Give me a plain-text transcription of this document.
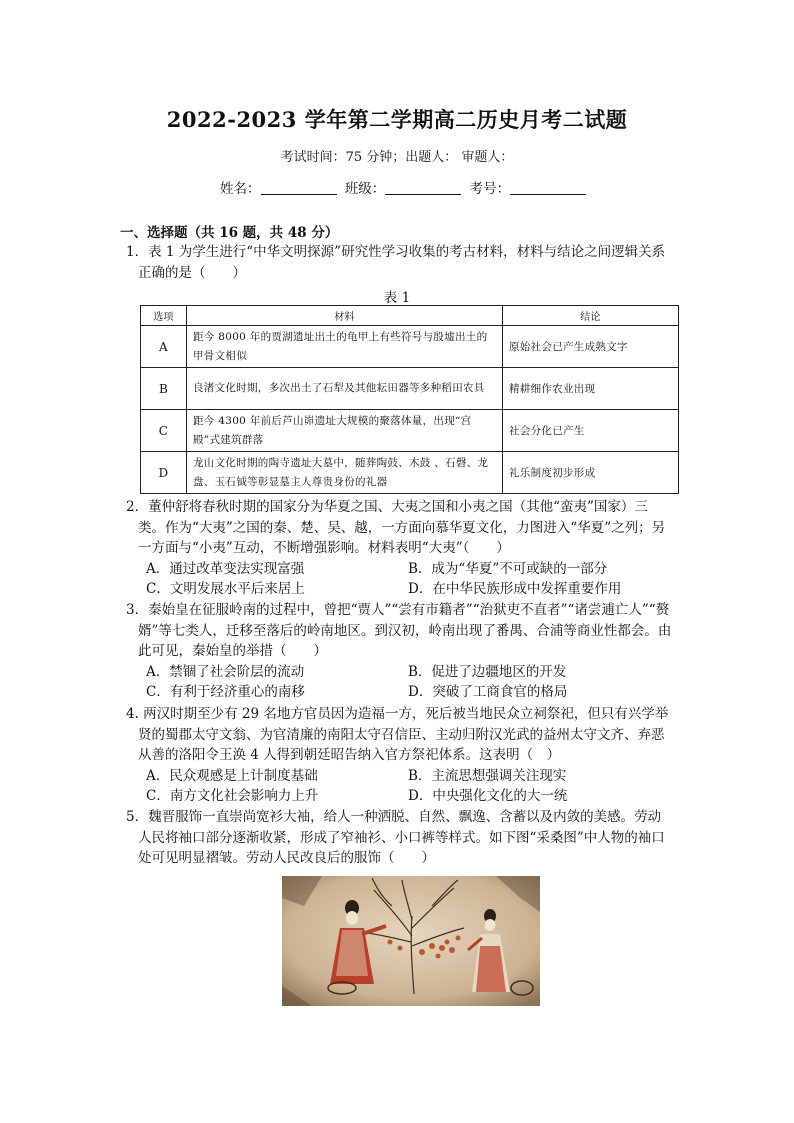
2022-2023 学年第二学期高二历史月考二试题
考试时间：75 分钟；出题人： 审题人：
姓名：	班级：	考号：
一、选择题（共 16 题，共 48 分）
1．表 1 为学生进行“中华文明探源”研究性学习收集的考古材料，材料与结论之间逻辑关系正确的是（　　）
表 1
选项	材料	结论
A	距今 8000 年的贾湖遗址出土的龟甲上有些符号与殷墟出土的甲骨文相似	原始社会已产生成熟文字
B	良渚文化时期，多次出土了石犁及其他耘田器等多种稻田农具	精耕细作农业出现
C	距今 4300 年前后芦山峁遗址大规模的聚落体量，出现“宫殿”式建筑群落	社会分化已产生
D	龙山文化时期的陶寺遗址大墓中，随葬陶鼓、木鼓 、石磬、龙盘、玉石钺等彰显墓主人尊贵身份的礼器	礼乐制度初步形成
2．董仲舒将春秋时期的国家分为华夏之国、大夷之国和小夷之国（其他“蛮夷”国家）三类。作为“大夷”之国的秦、楚、吴、越，一方面向慕华夏文化，力图进入“华夏”之列；另一方面与“小夷”互动，不断增强影响。材料表明“大夷”（　　）
A．通过改革变法实现富强	B．成为“华夏”不可或缺的一部分
C．文明发展水平后来居上	D．在中华民族形成中发挥重要作用
3．秦始皇在征服岭南的过程中，曾把“贾人”“尝有市籍者”“治狱吏不直者”“诸尝逋亡人”“赘婿”等七类人，迁移至落后的岭南地区。到汉初，岭南出现了番禺、合浦等商业性都会。由此可见，秦始皇的举措（　　）
A．禁锢了社会阶层的流动	B．促进了边疆地区的开发
C．有利于经济重心的南移	D．突破了工商食官的格局
4. 两汉时期至少有 29 名地方官员因为造福一方，死后被当地民众立祠祭祀，但只有兴学举贤的蜀郡太守文翁、为官清廉的南阳太守召信臣、主动归附汉光武的益州太守文齐、弃恶从善的洛阳令王涣 4 人得到朝廷昭告纳入官方祭祀体系。这表明（　）
A．民众观感是上计制度基础	B．主流思想强调关注现实
C．南方文化社会影响力上升	D．中央强化文化的大一统
5．魏晋服饰一直崇尚宽衫大袖，给人一种洒脱、自然、飘逸、含蓄以及内敛的美感。劳动人民将袖口部分逐渐收紧，形成了窄袖衫、小口裤等样式。如下图“采桑图”中人物的袖口处可见明显褶皱。劳动人民改良后的服饰（　　）
